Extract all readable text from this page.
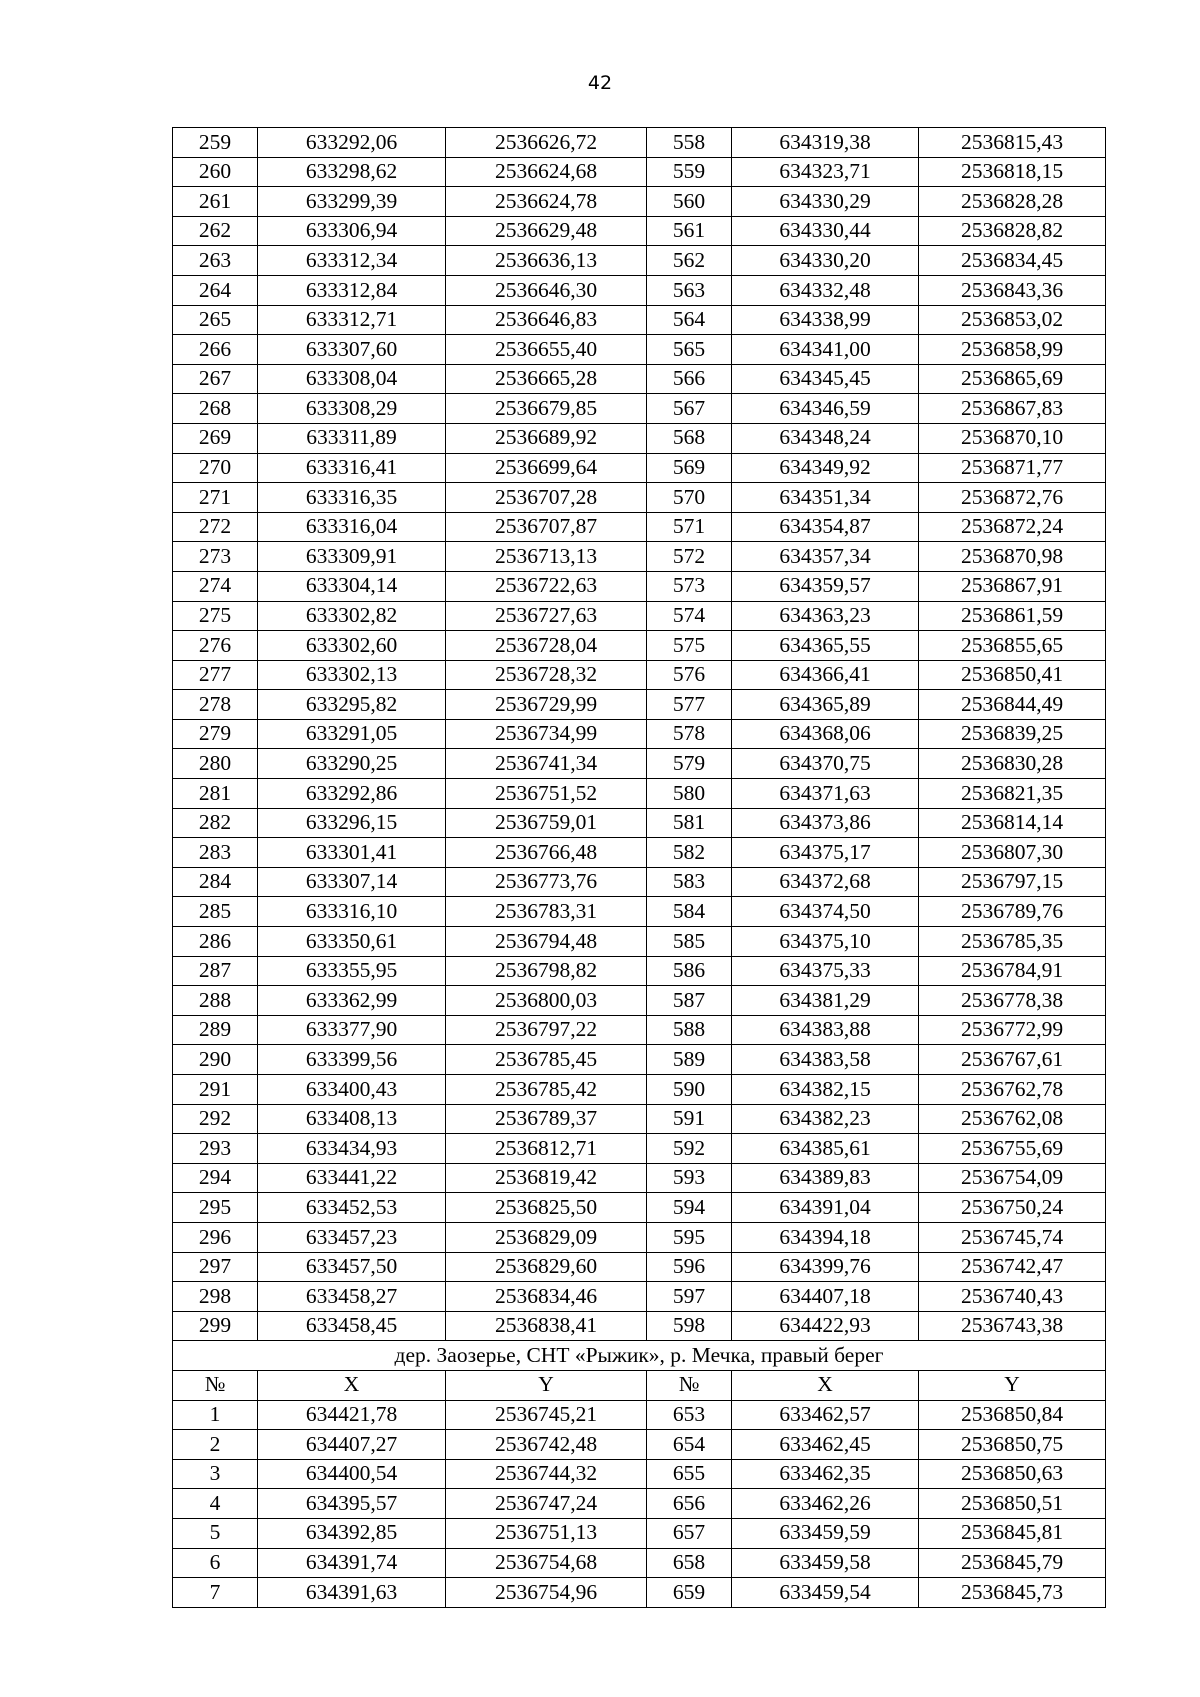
42
259	633292,06	2536626,72	558	634319,38	2536815,43
260	633298,62	2536624,68	559	634323,71	2536818,15
261	633299,39	2536624,78	560	634330,29	2536828,28
262	633306,94	2536629,48	561	634330,44	2536828,82
263	633312,34	2536636,13	562	634330,20	2536834,45
264	633312,84	2536646,30	563	634332,48	2536843,36
265	633312,71	2536646,83	564	634338,99	2536853,02
266	633307,60	2536655,40	565	634341,00	2536858,99
267	633308,04	2536665,28	566	634345,45	2536865,69
268	633308,29	2536679,85	567	634346,59	2536867,83
269	633311,89	2536689,92	568	634348,24	2536870,10
270	633316,41	2536699,64	569	634349,92	2536871,77
271	633316,35	2536707,28	570	634351,34	2536872,76
272	633316,04	2536707,87	571	634354,87	2536872,24
273	633309,91	2536713,13	572	634357,34	2536870,98
274	633304,14	2536722,63	573	634359,57	2536867,91
275	633302,82	2536727,63	574	634363,23	2536861,59
276	633302,60	2536728,04	575	634365,55	2536855,65
277	633302,13	2536728,32	576	634366,41	2536850,41
278	633295,82	2536729,99	577	634365,89	2536844,49
279	633291,05	2536734,99	578	634368,06	2536839,25
280	633290,25	2536741,34	579	634370,75	2536830,28
281	633292,86	2536751,52	580	634371,63	2536821,35
282	633296,15	2536759,01	581	634373,86	2536814,14
283	633301,41	2536766,48	582	634375,17	2536807,30
284	633307,14	2536773,76	583	634372,68	2536797,15
285	633316,10	2536783,31	584	634374,50	2536789,76
286	633350,61	2536794,48	585	634375,10	2536785,35
287	633355,95	2536798,82	586	634375,33	2536784,91
288	633362,99	2536800,03	587	634381,29	2536778,38
289	633377,90	2536797,22	588	634383,88	2536772,99
290	633399,56	2536785,45	589	634383,58	2536767,61
291	633400,43	2536785,42	590	634382,15	2536762,78
292	633408,13	2536789,37	591	634382,23	2536762,08
293	633434,93	2536812,71	592	634385,61	2536755,69
294	633441,22	2536819,42	593	634389,83	2536754,09
295	633452,53	2536825,50	594	634391,04	2536750,24
296	633457,23	2536829,09	595	634394,18	2536745,74
297	633457,50	2536829,60	596	634399,76	2536742,47
298	633458,27	2536834,46	597	634407,18	2536740,43
299	633458,45	2536838,41	598	634422,93	2536743,38
дер. Заозерье, СНТ «Рыжик», р. Мечка, правый берег					
№	X	Y	№	X	Y
1	634421,78	2536745,21	653	633462,57	2536850,84
2	634407,27	2536742,48	654	633462,45	2536850,75
3	634400,54	2536744,32	655	633462,35	2536850,63
4	634395,57	2536747,24	656	633462,26	2536850,51
5	634392,85	2536751,13	657	633459,59	2536845,81
6	634391,74	2536754,68	658	633459,58	2536845,79
7	634391,63	2536754,96	659	633459,54	2536845,73
